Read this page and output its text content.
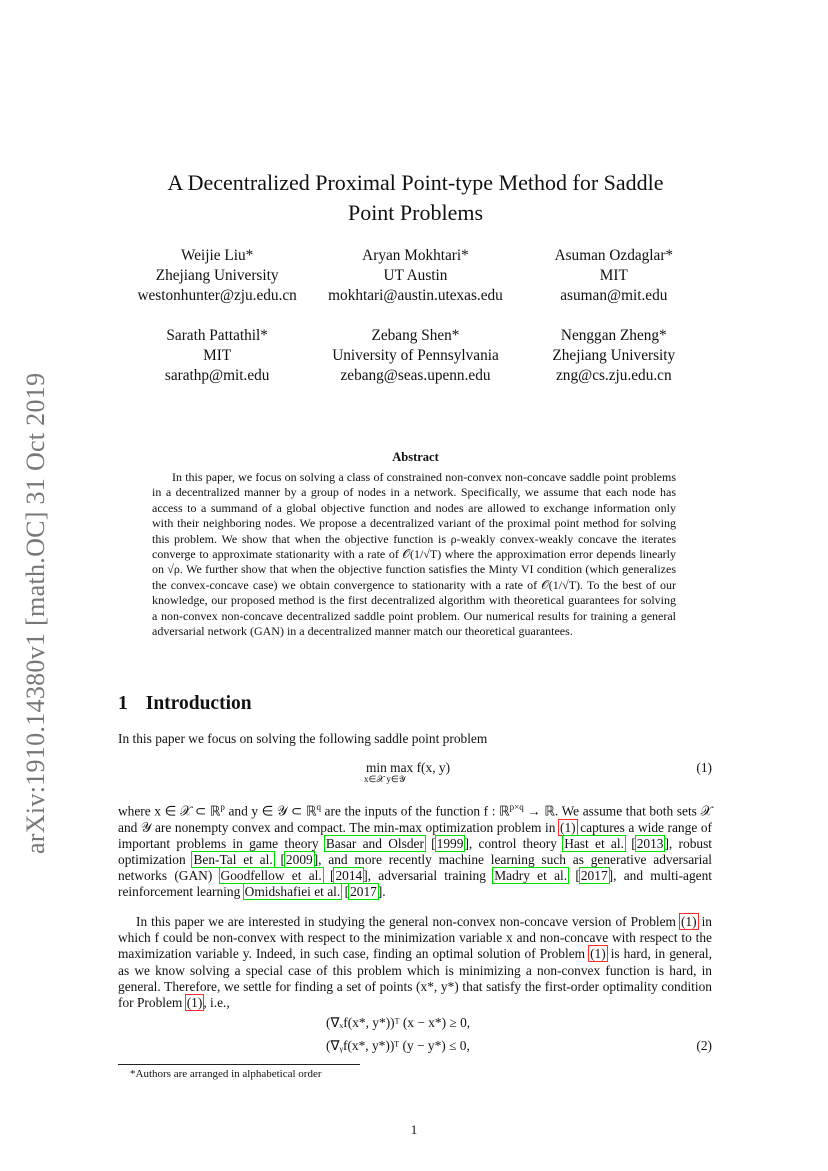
arXiv:1910.14380v1 [math.OC] 31 Oct 2019
A Decentralized Proximal Point-type Method for Saddle
Point Problems
Weijie Liu*
Zhejiang University
westonhunter@zju.edu.cn
Aryan Mokhtari*
UT Austin
mokhtari@austin.utexas.edu
Asuman Ozdaglar*
MIT
asuman@mit.edu
Sarath Pattathil*
MIT
sarathp@mit.edu
Zebang Shen*
University of Pennsylvania
zebang@seas.upenn.edu
Nenggan Zheng*
Zhejiang University
zng@cs.zju.edu.cn
Abstract
In this paper, we focus on solving a class of constrained non-convex non-concave saddle point problems in a decentralized manner by a group of nodes in a network. Specifically, we assume that each node has access to a summand of a global objective function and nodes are allowed to exchange information only with their neighboring nodes. We propose a decentralized variant of the proximal point method for solving this problem. We show that when the objective function is ρ-weakly convex-weakly concave the iterates converge to approximate stationarity with a rate of 𝒪(1/√T) where the approximation error depends linearly on √ρ. We further show that when the objective function satisfies the Minty VI condition (which generalizes the convex-concave case) we obtain convergence to stationarity with a rate of 𝒪(1/√T). To the best of our knowledge, our proposed method is the first decentralized algorithm with theoretical guarantees for solving a non-convex non-concave decentralized saddle point problem. Our numerical results for training a general adversarial network (GAN) in a decentralized manner match our theoretical guarantees.
1 Introduction
In this paper we focus on solving the following saddle point problem
min max f(x, y)
x∈𝒳 y∈𝒴
(1)
where x ∈ 𝒳 ⊂ ℝ$^p$ and y ∈ 𝒴 ⊂ ℝ$^q$ are the inputs of the function f : ℝ$^{p\times q}$ → ℝ. We assume that both sets 𝒳 and 𝒴 are nonempty convex and compact. The min-max optimization problem in (1) captures a wide range of important problems in game theory Basar and Olsder [1999], control theory Hast et al. [2013], robust optimization Ben-Tal et al. [2009], and more recently machine learning such as generative adversarial networks (GAN) Goodfellow et al. [2014], adversarial training Madry et al. [2017], and multi-agent reinforcement learning Omidshafiei et al. [2017].
In this paper we are interested in studying the general non-convex non-concave version of Problem (1) in which f could be non-convex with respect to the minimization variable x and non-concave with respect to the maximization variable y. Indeed, in such case, finding an optimal solution of Problem (1) is hard, in general, as we know solving a special case of this problem which is minimizing a non-convex function is hard, in general. Therefore, we settle for finding a set of points (x*, y*) that satisfy the first-order optimality condition for Problem (1), i.e.,
(∇ₓf(x*, y*))ᵀ (x − x*) ≥ 0,
(∇ᵧf(x*, y*))ᵀ (y − y*) ≤ 0,	(2)
*Authors are arranged in alphabetical order
1
